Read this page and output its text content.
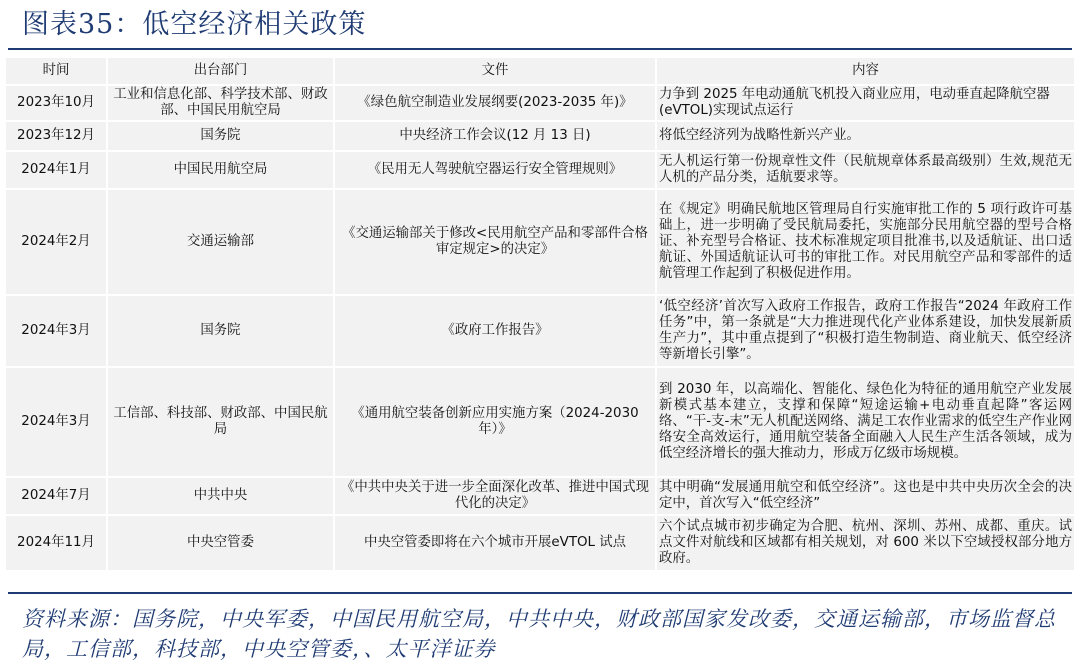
图表35：低空经济相关政策
时间	出台部门	文件	内容
2023年10月	工业和信息化部、科学技术部、财政部、中国民用航空局	《绿色航空制造业发展纲要(2023-2035 年)》	力争到 2025 年电动通航飞机投入商业应用，电动垂直起降航空器(eVTOL)实现试点运行
2023年12月	国务院	中央经济工作会议(12 月 13 日)	将低空经济列为战略性新兴产业。
2024年1月	中国民用航空局	《民用无人驾驶航空器运行安全管理规则》	无人机运行第一份规章性文件（民航规章体系最高级别）生效,规范无人机的产品分类，适航要求等。
2024年2月	交通运输部	《交通运输部关于修改<民用航空产品和零部件合格审定规定>的决定》	在《规定》明确民航地区管理局自行实施审批工作的 5 项行政许可基础上，进一步明确了受民航局委托，实施部分民用航空器的型号合格证、补充型号合格证、技术标准规定项目批准书,以及适航证、出口适航证、外国适航证认可书的审批工作。对民用航空产品和零部件的适航管理工作起到了积极促进作用。
2024年3月	国务院	《政府工作报告》	‘低空经济’首次写入政府工作报告，政府工作报告“2024 年政府工作任务”中，第一条就是“大力推进现代化产业体系建设，加快发展新质生产力”，其中重点提到了“积极打造生物制造、商业航天、低空经济等新增长引擎”。
2024年3月	工信部、科技部、财政部、中国民航局	《通用航空装备创新应用实施方案（2024-2030 年）》	到 2030 年，以高端化、智能化、绿色化为特征的通用航空产业发展新模式基本建立，支撑和保障“短途运输+电动垂直起降”客运网络、“干-支-末”无人机配送网络、满足工农作业需求的低空生产作业网络安全高效运行，通用航空装备全面融入人民生产生活各领域，成为低空经济增长的强大推动力，形成万亿级市场规模。
2024年7月	中共中央	《中共中央关于进一步全面深化改革、推进中国式现代化的决定》	其中明确“发展通用航空和低空经济”。这也是中共中央历次全会的决定中，首次写入“低空经济”
2024年11月	中央空管委	中央空管委即将在六个城市开展eVTOL 试点	六个试点城市初步确定为合肥、杭州、深圳、苏州、成都、重庆。试点文件对航线和区域都有相关规划，对 600 米以下空域授权部分地方政府。
资料来源：国务院，中央军委，中国民用航空局，中共中央，财政部国家发改委，交通运输部，市场监督总局，工信部，科技部，中央空管委，、太平洋证券
